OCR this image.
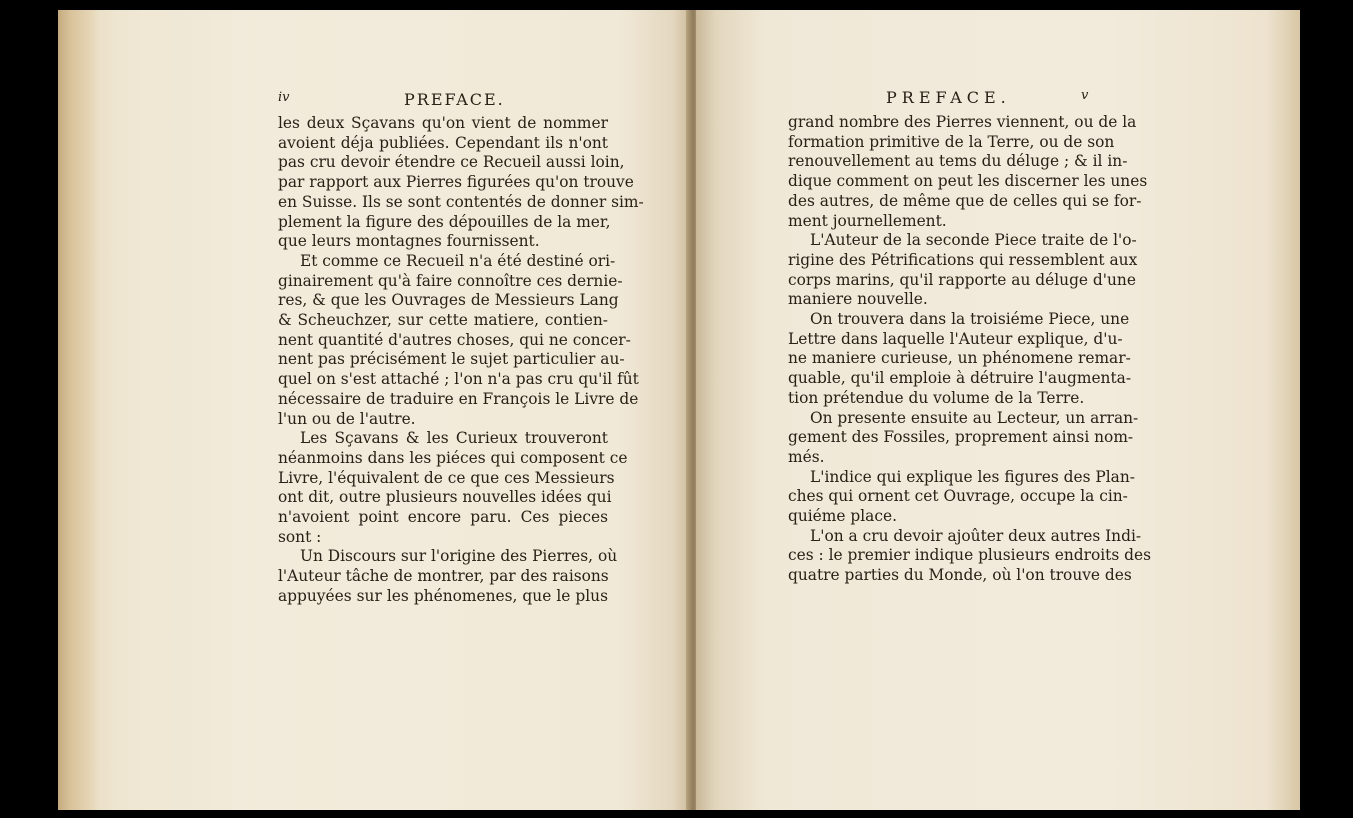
iv	PREFACE.
les deux Sçavans qu'on vient de nommer
avoient déja publiées. Cependant ils n'ont
pas cru devoir étendre ce Recueil aussi loin,
par rapport aux Pierres figurées qu'on trouve
en Suisse. Ils se sont contentés de donner sim-
plement la figure des dépouilles de la mer,
que leurs montagnes fournissent.
Et comme ce Recueil n'a été destiné ori-
ginairement qu'à faire connoître ces dernie-
res, & que les Ouvrages de Messieurs Lang
& Scheuchzer, sur cette matiere, contien-
nent quantité d'autres choses, qui ne concer-
nent pas précisément le sujet particulier au-
quel on s'est attaché ; l'on n'a pas cru qu'il fût
nécessaire de traduire en François le Livre de
l'un ou de l'autre.
Les Sçavans & les Curieux trouveront
néanmoins dans les piéces qui composent ce
Livre, l'équivalent de ce que ces Messieurs
ont dit, outre plusieurs nouvelles idées qui
n'avoient point encore paru. Ces pieces
sont :
Un Discours sur l'origine des Pierres, où
l'Auteur tâche de montrer, par des raisons
appuyées sur les phénomenes, que le plus
PREFACE.	v
grand nombre des Pierres viennent, ou de la
formation primitive de la Terre, ou de son
renouvellement au tems du déluge ; & il in-
dique comment on peut les discerner les unes
des autres, de même que de celles qui se for-
ment journellement.
L'Auteur de la seconde Piece traite de l'o-
rigine des Pétrifications qui ressemblent aux
corps marins, qu'il rapporte au déluge d'une
maniere nouvelle.
On trouvera dans la troisiéme Piece, une
Lettre dans laquelle l'Auteur explique, d'u-
ne maniere curieuse, un phénomene remar-
quable, qu'il emploie à détruire l'augmenta-
tion prétendue du volume de la Terre.
On presente ensuite au Lecteur, un arran-
gement des Fossiles, proprement ainsi nom-
més.
L'indice qui explique les figures des Plan-
ches qui ornent cet Ouvrage, occupe la cin-
quiéme place.
L'on a cru devoir ajoûter deux autres Indi-
ces : le premier indique plusieurs endroits des
quatre parties du Monde, où l'on trouve des
